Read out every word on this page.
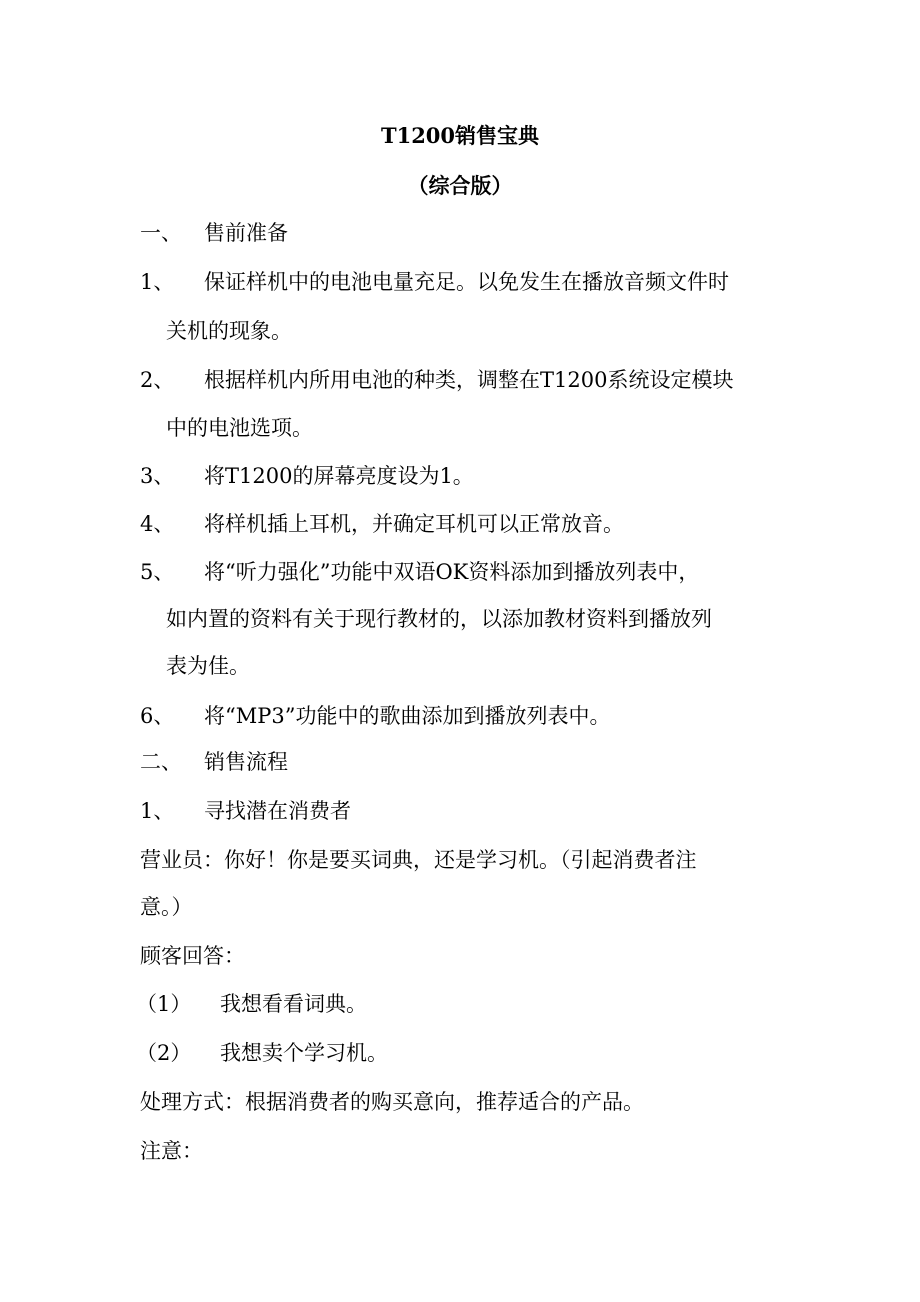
T1200销售宝典
（综合版）
一、 售前准备
1、 保证样机中的电池电量充足。以免发生在播放音频文件时
关机的现象。
2、 根据样机内所用电池的种类，调整在T1200系统设定模块
中的电池选项。
3、 将T1200的屏幕亮度设为1。
4、 将样机插上耳机，并确定耳机可以正常放音。
5、 将“听力强化”功能中双语OK资料添加到播放列表中，
如内置的资料有关于现行教材的，以添加教材资料到播放列
表为佳。
6、 将“MP3”功能中的歌曲添加到播放列表中。
二、 销售流程
1、 寻找潜在消费者
营业员：你好！你是要买词典，还是学习机。（引起消费者注
意。）
顾客回答：
（1） 我想看看词典。
（2） 我想卖个学习机。
处理方式：根据消费者的购买意向，推荐适合的产品。
注意：
